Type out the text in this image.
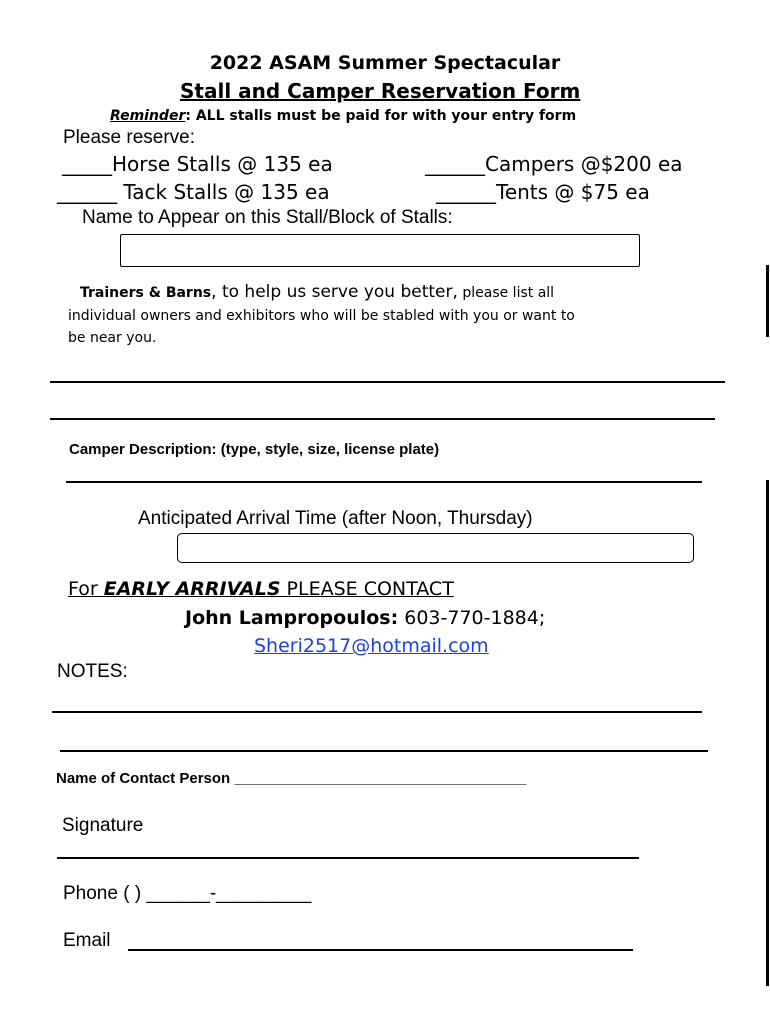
2022 ASAM Summer Spectacular
Stall and Camper Reservation Form
Reminder: ALL stalls must be paid for with your entry form
Please reserve:
_____Horse Stalls @ 135 ea	______Campers @$200 ea
______ Tack Stalls @ 135 ea	______Tents @ $75 ea
Name to Appear on this Stall/Block of Stalls:
Trainers & Barns, to help us serve you better, please list all
individual owners and exhibitors who will be stabled with you or want to
be near you.
Camper Description: (type, style, size, license plate)
Anticipated Arrival Time (after Noon, Thursday)
For EARLY ARRIVALS PLEASE CONTACT
John Lampropoulos: 603-770-1884;
Sheri2517@hotmail.com
NOTES:
Name of Contact Person ___________________________________
Signature
Phone ( ) ______-_________
Email
